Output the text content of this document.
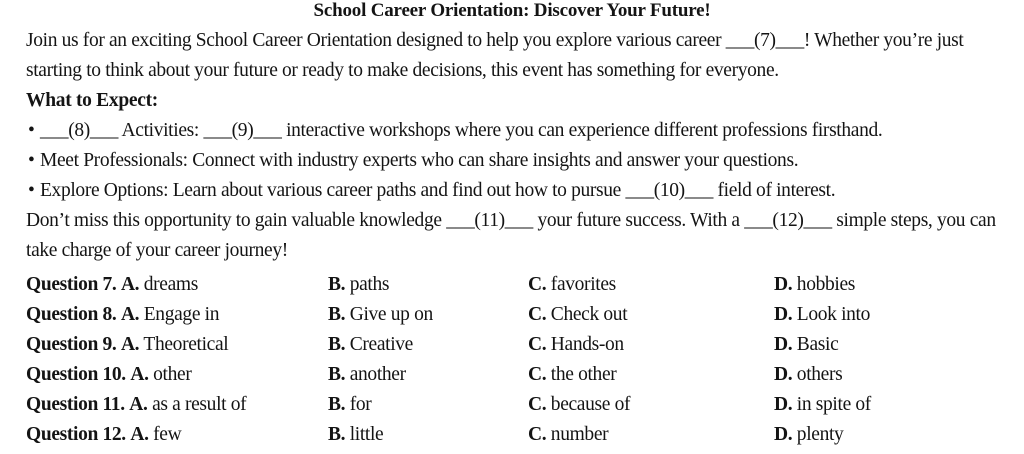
School Career Orientation: Discover Your Future!

Join us for an exciting School Career Orientation designed to help you explore various career ___(7)___! Whether you’re just starting to think about your future or ready to make decisions, this event has something for everyone.

What to Expect:

• ___(8)___ Activities: ___(9)___ interactive workshops where you can experience different professions firsthand.
• Meet Professionals: Connect with industry experts who can share insights and answer your questions.
• Explore Options: Learn about various career paths and find out how to pursue ___(10)___ field of interest.

Don’t miss this opportunity to gain valuable knowledge ___(11)___ your future success. With a ___(12)___ simple steps, you can take charge of your career journey!

Question 7. A. dreams	B. paths	C. favorites	D. hobbies
Question 8. A. Engage in	B. Give up on	C. Check out	D. Look into
Question 9. A. Theoretical	B. Creative	C. Hands-on	D. Basic
Question 10. A. other	B. another	C. the other	D. others
Question 11. A. as a result of	B. for	C. because of	D. in spite of
Question 12. A. few	B. little	C. number	D. plenty
